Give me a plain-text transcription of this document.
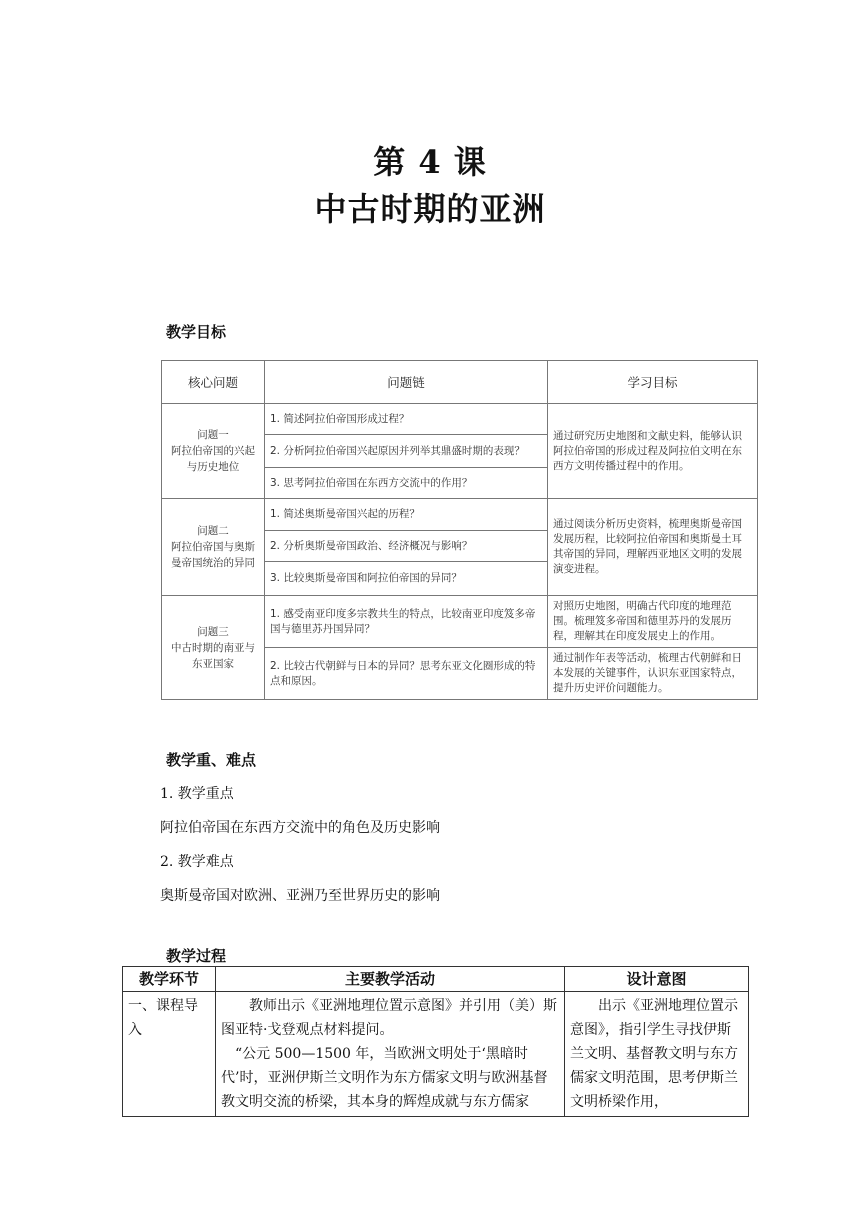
第 4 课
中古时期的亚洲
教学目标
核心问题	问题链	学习目标
问题一
阿拉伯帝国的兴起与历史地位	1. 简述阿拉伯帝国形成过程？	通过研究历史地图和文献史料，能够认识阿拉伯帝国的形成过程及阿拉伯文明在东西方文明传播过程中的作用。
	2. 分析阿拉伯帝国兴起原因并列举其鼎盛时期的表现？	
	3. 思考阿拉伯帝国在东西方交流中的作用？	
问题二
阿拉伯帝国与奥斯曼帝国统治的异同	1. 简述奥斯曼帝国兴起的历程？	通过阅读分析历史资料，梳理奥斯曼帝国发展历程，比较阿拉伯帝国和奥斯曼土耳其帝国的异同，理解西亚地区文明的发展演变进程。
	2. 分析奥斯曼帝国政治、经济概况与影响？	
	3. 比较奥斯曼帝国和阿拉伯帝国的异同？	
问题三
中古时期的南亚与东亚国家	1. 感受南亚印度多宗教共生的特点，比较南亚印度笈多帝国与德里苏丹国异同？	对照历史地图，明确古代印度的地理范围。梳理笈多帝国和德里苏丹的发展历程，理解其在印度发展史上的作用。
	2. 比较古代朝鲜与日本的异同？思考东亚文化圈形成的特点和原因。	通过制作年表等活动，梳理古代朝鲜和日本发展的关键事件，认识东亚国家特点，提升历史评价问题能力。
教学重、难点
1. 教学重点
阿拉伯帝国在东西方交流中的角色及历史影响
2. 教学难点
奥斯曼帝国对欧洲、亚洲乃至世界历史的影响
教学过程
教学环节	主要教学活动	设计意图
一、课程导入	教师出示《亚洲地理位置示意图》并引用（美）斯图亚特·戈登观点材料提问。
“公元 500—1500 年，当欧洲文明处于‘黑暗时代’时，亚洲伊斯兰文明作为东方儒家文明与欧洲基督教文明交流的桥梁，其本身的辉煌成就与东方儒家	出示《亚洲地理位置示意图》，指引学生寻找伊斯兰文明、基督教文明与东方儒家文明范围，思考伊斯兰文明桥梁作用，
